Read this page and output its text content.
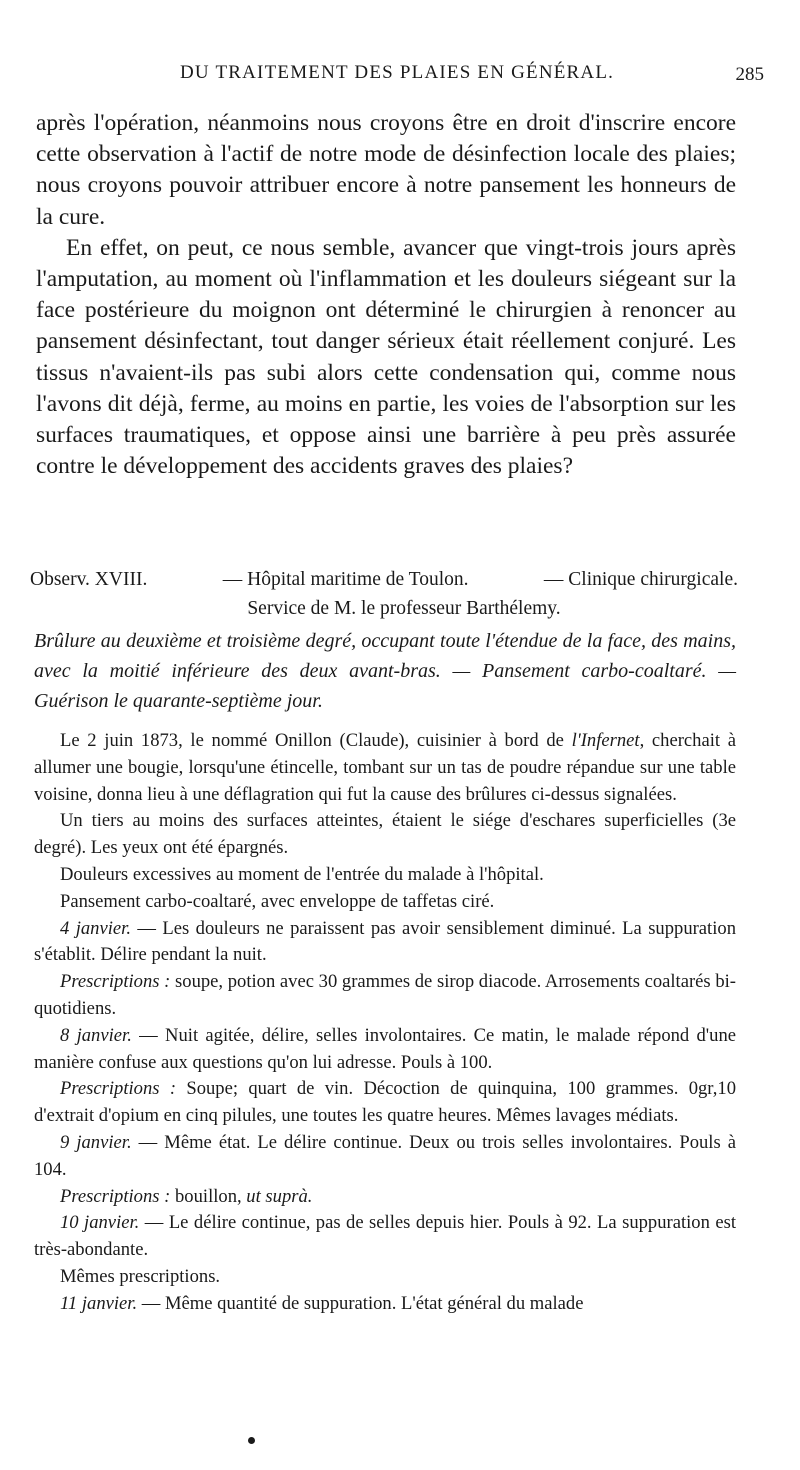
DU TRAITEMENT DES PLAIES EN GÉNÉRAL.	285

après l'opération, néanmoins nous croyons être en droit d'inscrire encore cette observation à l'actif de notre mode de désinfection locale des plaies; nous croyons pouvoir attribuer encore à notre pansement les honneurs de la cure.

En effet, on peut, ce nous semble, avancer que vingt-trois jours après l'amputation, au moment où l'inflammation et les douleurs siégeant sur la face postérieure du moignon ont déterminé le chirurgien à renoncer au pansement désinfectant, tout danger sérieux était réellement conjuré. Les tissus n'avaient-ils pas subi alors cette condensation qui, comme nous l'avons dit déjà, ferme, au moins en partie, les voies de l'absorption sur les surfaces traumatiques, et oppose ainsi une barrière à peu près assurée contre le développement des accidents graves des plaies?

Observ. XVIII.	— Hôpital maritime de Toulon.	— Clinique chirurgicale.
Service de M. le professeur Barthélemy.
Brûlure au deuxième et troisième degré, occupant toute l'étendue de la face, des mains, avec la moitié inférieure des deux avant-bras. — Pansement carbo-coaltaré. — Guérison le quarante-septième jour.

Le 2 juin 1873, le nommé Onillon (Claude), cuisinier à bord de l'Infernet, cherchait à allumer une bougie, lorsqu'une étincelle, tombant sur un tas de poudre répandue sur une table voisine, donna lieu à une déflagration qui fut la cause des brûlures ci-dessus signalées.

Un tiers au moins des surfaces atteintes, étaient le siége d'eschares superficielles (3e degré). Les yeux ont été épargnés.

Douleurs excessives au moment de l'entrée du malade à l'hôpital.

Pansement carbo-coaltaré, avec enveloppe de taffetas ciré.

4 janvier. — Les douleurs ne paraissent pas avoir sensiblement diminué. La suppuration s'établit. Délire pendant la nuit.

Prescriptions : soupe, potion avec 30 grammes de sirop diacode. Arrosements coaltarés bi-quotidiens.

8 janvier. — Nuit agitée, délire, selles involontaires. Ce matin, le malade répond d'une manière confuse aux questions qu'on lui adresse. Pouls à 100.

Prescriptions : Soupe; quart de vin. Décoction de quinquina, 100 grammes. 0gr,10 d'extrait d'opium en cinq pilules, une toutes les quatre heures. Mêmes lavages médiats.

9 janvier. — Même état. Le délire continue. Deux ou trois selles involontaires. Pouls à 104.

Prescriptions : bouillon, ut suprà.

10 janvier. — Le délire continue, pas de selles depuis hier. Pouls à 92. La suppuration est très-abondante.

Mêmes prescriptions.

11 janvier. — Même quantité de suppuration. L'état général du malade
